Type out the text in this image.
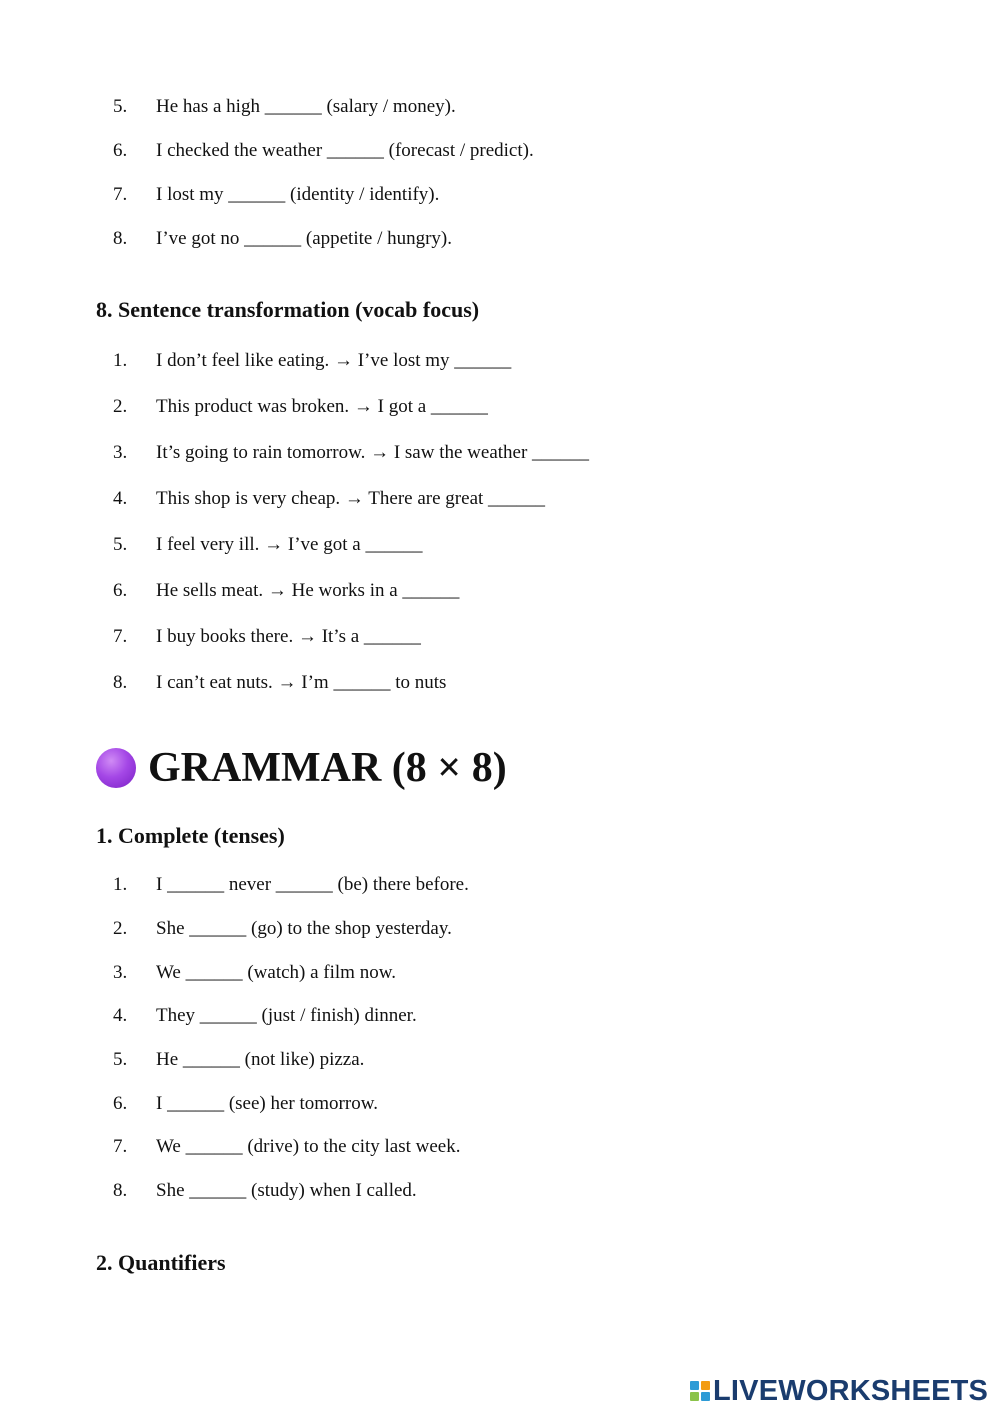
5. He has a high ______ (salary / money).
6. I checked the weather ______ (forecast / predict).
7. I lost my ______ (identity / identify).
8. I’ve got no ______ (appetite / hungry).
8. Sentence transformation (vocab focus)
1. I don’t feel like eating. → I’ve lost my ______
2. This product was broken. → I got a ______
3. It’s going to rain tomorrow. → I saw the weather ______
4. This shop is very cheap. → There are great ______
5. I feel very ill. → I’ve got a ______
6. He sells meat. → He works in a ______
7. I buy books there. → It’s a ______
8. I can’t eat nuts. → I’m ______ to nuts
GRAMMAR (8 × 8)
1. Complete (tenses)
1. I ______ never ______ (be) there before.
2. She ______ (go) to the shop yesterday.
3. We ______ (watch) a film now.
4. They ______ (just / finish) dinner.
5. He ______ (not like) pizza.
6. I ______ (see) her tomorrow.
7. We ______ (drive) to the city last week.
8. She ______ (study) when I called.
2. Quantifiers
LIVEWORKSHEETS
